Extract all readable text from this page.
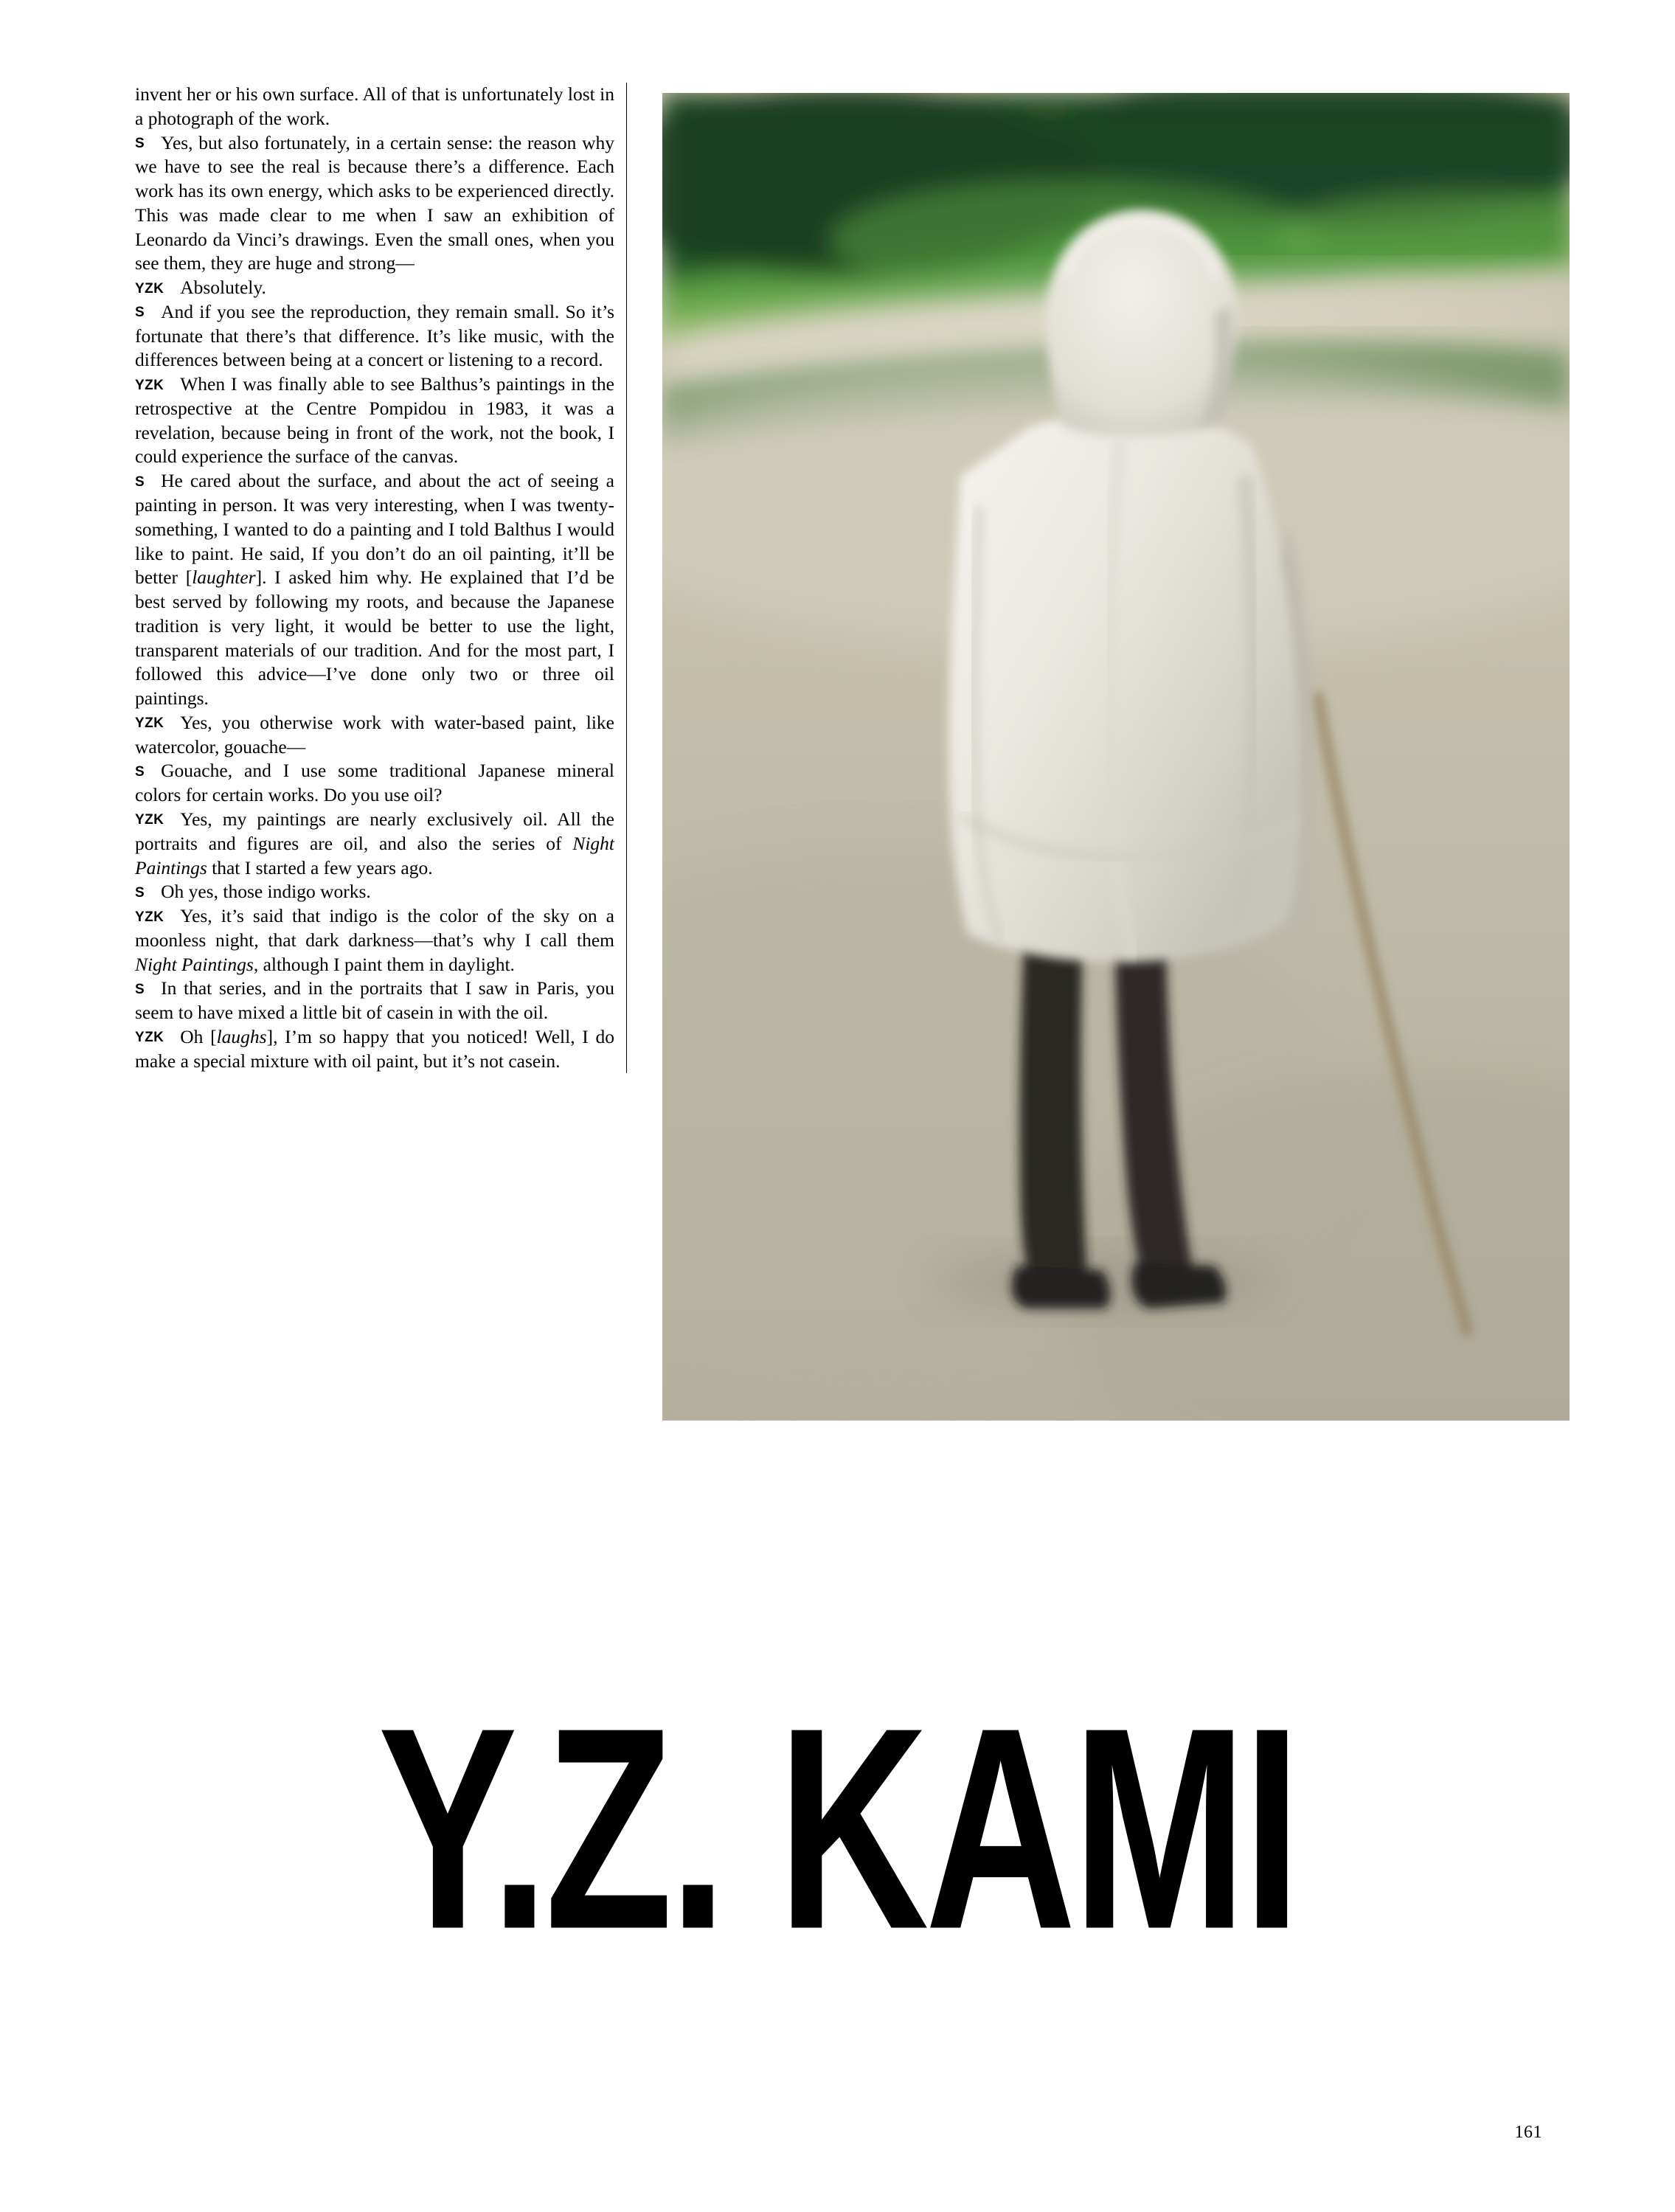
invent her or his own surface. All of that is unfortunately lost in a photograph of the work.

S Yes, but also fortunately, in a certain sense: the reason why we have to see the real is because there’s a difference. Each work has its own energy, which asks to be experienced directly. This was made clear to me when I saw an exhibition of Leonardo da Vinci’s drawings. Even the small ones, when you see them, they are huge and strong—

YZK Absolutely.

S And if you see the reproduction, they remain small. So it’s fortunate that there’s that difference. It’s like music, with the differences between being at a concert or listening to a record.

YZK When I was finally able to see Balthus’s paintings in the retrospective at the Centre Pompidou in 1983, it was a revelation, because being in front of the work, not the book, I could experience the surface of the canvas.

S He cared about the surface, and about the act of seeing a painting in person. It was very interesting, when I was twenty-something, I wanted to do a painting and I told Balthus I would like to paint. He said, If you don’t do an oil painting, it’ll be better [laughter]. I asked him why. He explained that I’d be best served by following my roots, and because the Japanese tradition is very light, it would be better to use the light, transparent materials of our tradition. And for the most part, I followed this advice—I’ve done only two or three oil paintings.

YZK Yes, you otherwise work with water-based paint, like watercolor, gouache—

S Gouache, and I use some traditional Japanese mineral colors for certain works. Do you use oil?

YZK Yes, my paintings are nearly exclusively oil. All the portraits and figures are oil, and also the series of Night Paintings that I started a few years ago.

S Oh yes, those indigo works.

YZK Yes, it’s said that indigo is the color of the sky on a moonless night, that dark darkness—that’s why I call them Night Paintings, although I paint them in daylight.

S In that series, and in the portraits that I saw in Paris, you seem to have mixed a little bit of casein in with the oil.

YZK Oh [laughs], I’m so happy that you noticed! Well, I do make a special mixture with oil paint, but it’s not casein.

Y.Z. KAMI
161
